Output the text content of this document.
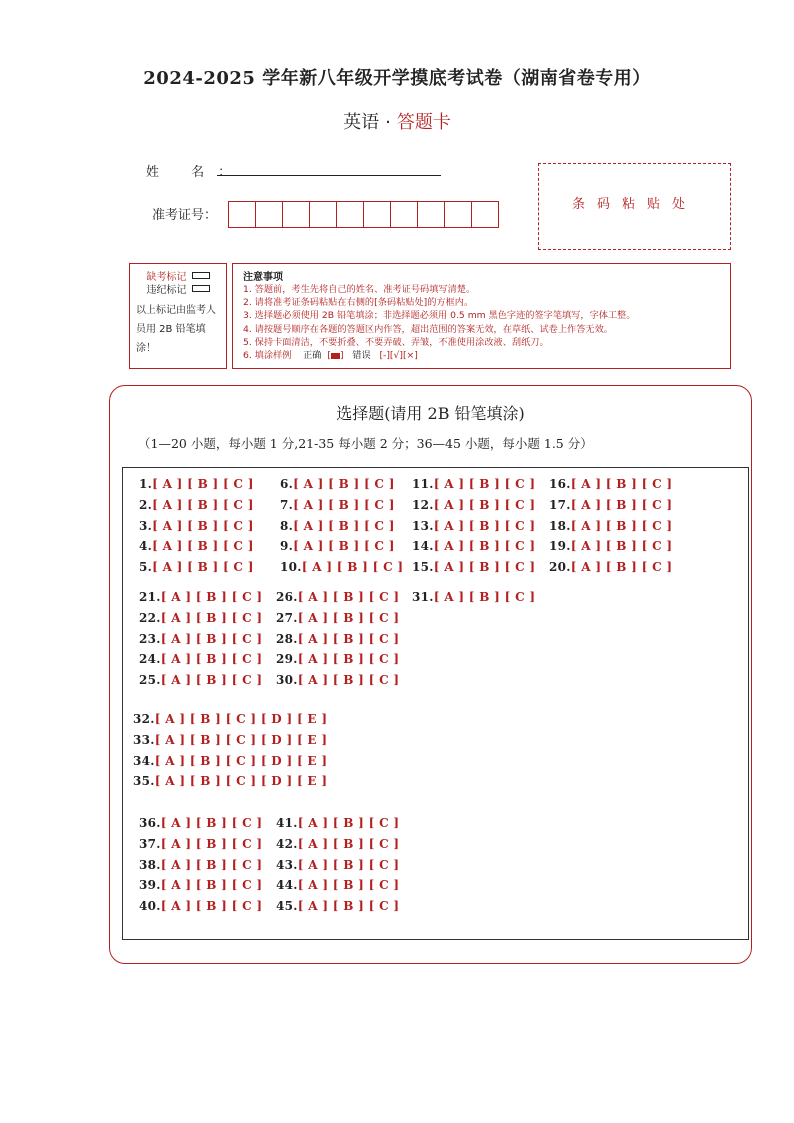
2024-2025 学年新八年级开学摸底考试卷（湖南省卷专用）
英语 · 答题卡
姓 名：
准考证号：
条码粘贴处
缺考标记
违纪标记
以上标记由监考人员用 2B 铅笔填涂！
注意事项
1. 答题前，考生先将自己的姓名、准考证号码填写清楚。
2. 请将准考证条码粘贴在右侧的[条码粘贴处]的方框内。
3. 选择题必须使用 2B 铅笔填涂；非选择题必须用 0.5 mm 黑色字迹的签字笔填写，字体工整。
4. 请按题号顺序在各题的答题区内作答，超出范围的答案无效，在草纸、试卷上作答无效。
5. 保持卡面清洁，不要折叠、不要弄破、弄皱，不准使用涂改液、刮纸刀。
6. 填涂样例 正确  [ ]   错误 [-][√][×]
选择题(请用 2B 铅笔填涂)
（1—20 小题，每小题 1 分,21-35 每小题 2 分；36—45 小题，每小题 1.5 分）
1.[ A ] [ B ] [ C ]
2.[ A ] [ B ] [ C ]
3.[ A ] [ B ] [ C ]
4.[ A ] [ B ] [ C ]
5.[ A ] [ B ] [ C ]
6.[ A ] [ B ] [ C ]
7.[ A ] [ B ] [ C ]
8.[ A ] [ B ] [ C ]
9.[ A ] [ B ] [ C ]
10.[ A ] [ B ] [ C ]
11.[ A ] [ B ] [ C ]
12.[ A ] [ B ] [ C ]
13.[ A ] [ B ] [ C ]
14.[ A ] [ B ] [ C ]
15.[ A ] [ B ] [ C ]
16.[ A ] [ B ] [ C ]
17.[ A ] [ B ] [ C ]
18.[ A ] [ B ] [ C ]
19.[ A ] [ B ] [ C ]
20.[ A ] [ B ] [ C ]
21.[ A ] [ B ] [ C ]
22.[ A ] [ B ] [ C ]
23.[ A ] [ B ] [ C ]
24.[ A ] [ B ] [ C ]
25.[ A ] [ B ] [ C ]
26.[ A ] [ B ] [ C ]
27.[ A ] [ B ] [ C ]
28.[ A ] [ B ] [ C ]
29.[ A ] [ B ] [ C ]
30.[ A ] [ B ] [ C ]
31.[ A ] [ B ] [ C ]
32.[ A ] [ B ] [ C ] [ D ] [ E ]
33.[ A ] [ B ] [ C ] [ D ] [ E ]
34.[ A ] [ B ] [ C ] [ D ] [ E ]
35.[ A ] [ B ] [ C ] [ D ] [ E ]
36.[ A ] [ B ] [ C ]
37.[ A ] [ B ] [ C ]
38.[ A ] [ B ] [ C ]
39.[ A ] [ B ] [ C ]
40.[ A ] [ B ] [ C ]
41.[ A ] [ B ] [ C ]
42.[ A ] [ B ] [ C ]
43.[ A ] [ B ] [ C ]
44.[ A ] [ B ] [ C ]
45.[ A ] [ B ] [ C ]
